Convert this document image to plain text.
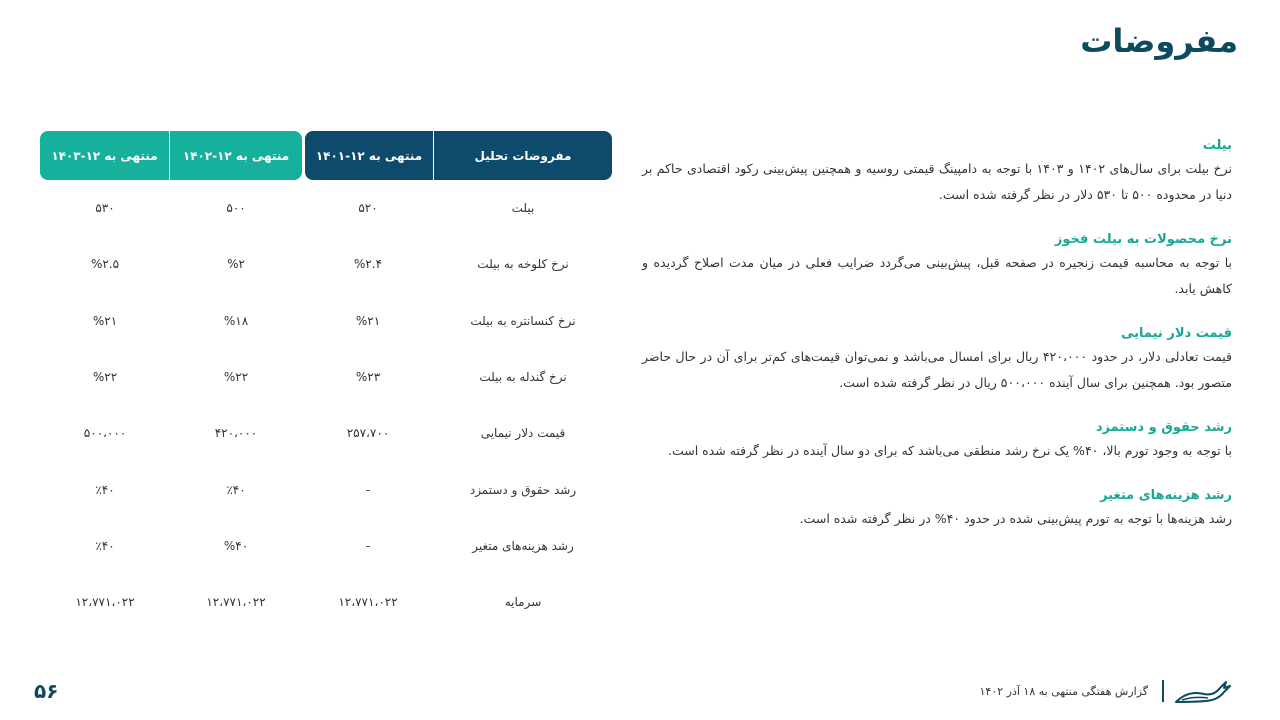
مفروضات
مفروضات تحلیل
منتهی به ۱۲-۱۴۰۱
منتهی به ۱۲-۱۴۰۲
منتهی به ۱۲-۱۴۰۳
بیلت
۵۲۰
۵۰۰
۵۳۰
نرخ کلوخه به بیلت
%۲.۴
%۲
%۲.۵
نرخ کنسانتره به بیلت
%۲۱
%۱۸
%۲۱
نرخ گندله به بیلت
%۲۳
%۲۲
%۲۲
قیمت دلار نیمایی
۲۵۷،۷۰۰
۴۲۰،۰۰۰
۵۰۰،۰۰۰
رشد حقوق و دستمزد
-
٪۴۰
٪۴۰
رشد هزینه‌های متغیر
-
%۴۰
٪۴۰
سرمایه
۱۲،۷۷۱،۰۲۲
۱۲،۷۷۱،۰۲۲
۱۲،۷۷۱،۰۲۲
بیلت
نرخ بیلت برای سال‌های ۱۴۰۲ و ۱۴۰۳ با توجه به دامپینگ قیمتی روسیه و همچنین پیش‌بینی رکود اقتصادی حاکم بر دنیا در محدوده ۵۰۰ تا ۵۳۰ دلار در نظر گرفته شده است.
نرخ محصولات به بیلت فخوز
با توجه به محاسبه قیمت زنجیره در صفحه قبل، پیش‌بینی می‌گردد ضرایب فعلی در میان مدت اصلاح گردیده و کاهش یابد.
قیمت دلار نیمایی
قیمت تعادلی دلار، در حدود ۴۲۰،۰۰۰ ریال برای امسال می‌باشد و نمی‌توان قیمت‌های کم‌تر برای آن در حال حاضر متصور بود. همچنین برای سال آینده ۵۰۰،۰۰۰ ریال در نظر گرفته شده است.
رشد حقوق و دستمزد
با توجه به وجود تورم بالا، ۴۰% یک نرخ رشد منطقی می‌باشد که برای دو سال آینده در نظر گرفته شده است.
رشد هزینه‌های متغیر
رشد هزینه‌ها با توجه به تورم پیش‌بینی شده در حدود ۴۰% در نظر گرفته شده است.
۵۶	گزارش هفتگی منتهی به ۱۸ آذر ۱۴۰۲
